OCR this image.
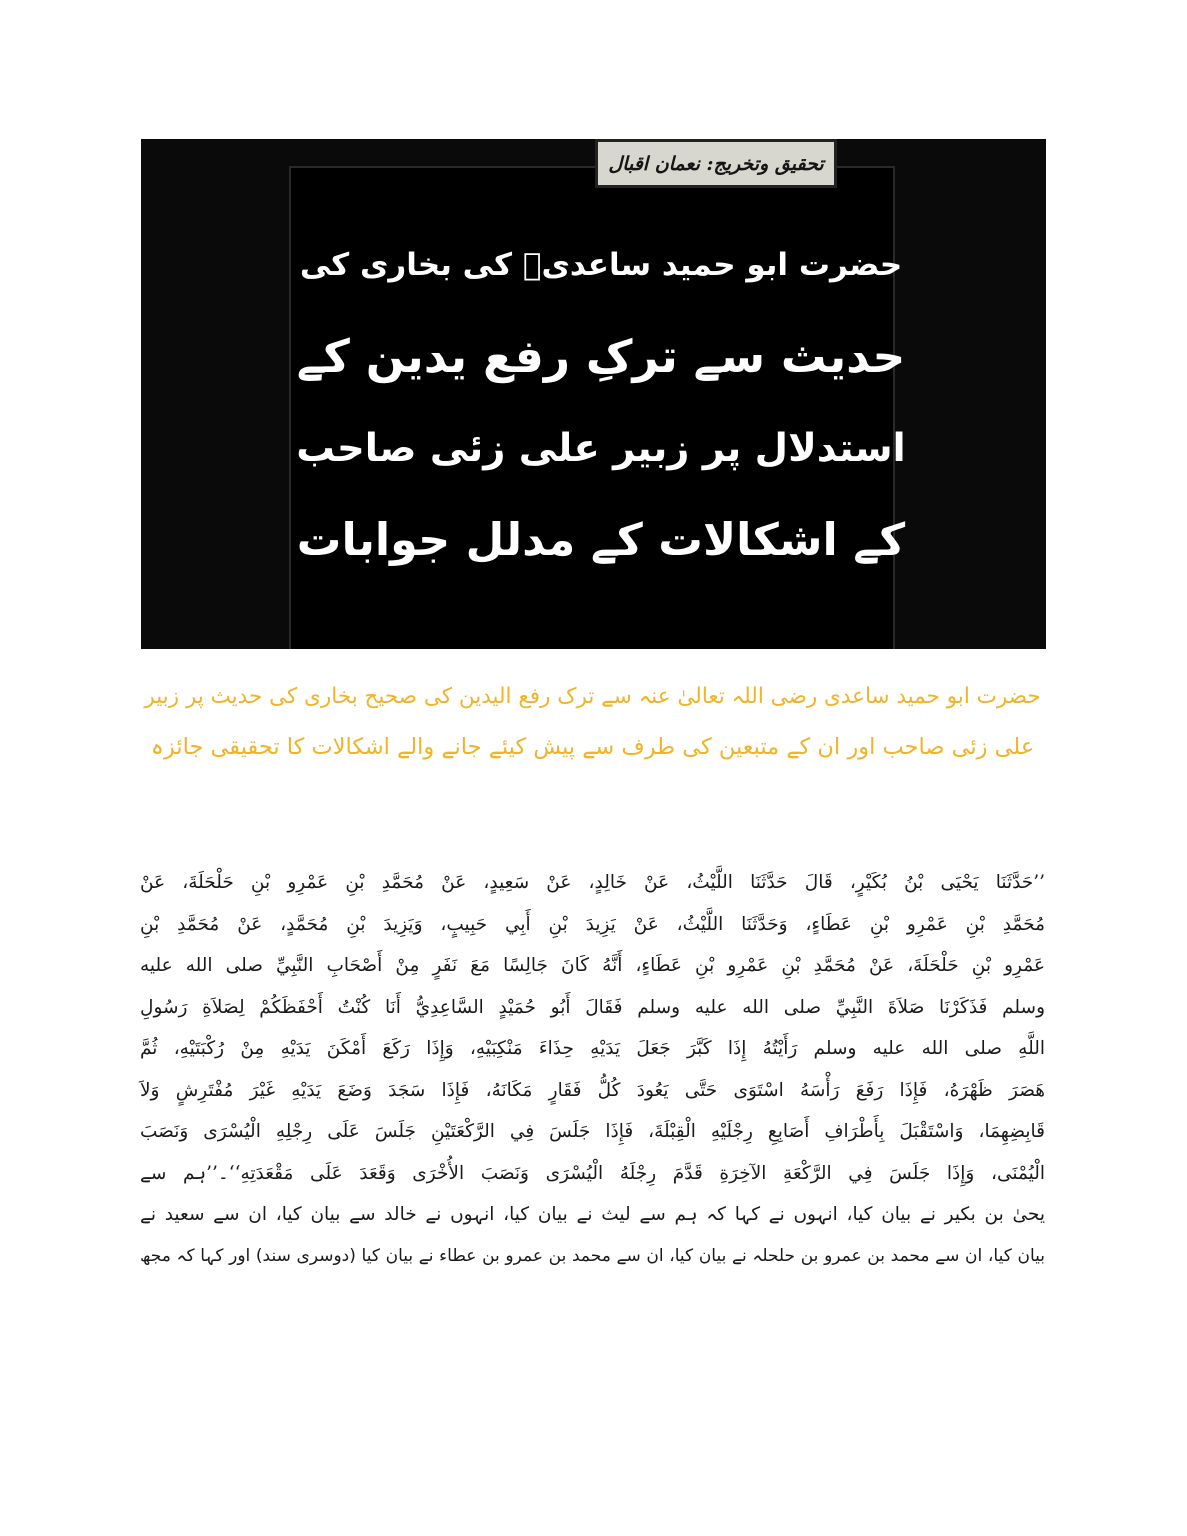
تحقیق وتخریج: نعمان اقبال
حضرت ابو حمید ساعدیؓ کی بخاری کی
حدیث سے ترکِ رفع یدین کے
استدلال پر زبیر علی زئی صاحب
کے اشکالات کے مدلل جوابات
حضرت ابو حمید ساعدی رضی اللہ تعالیٰ عنہ سے ترک رفع الیدین کی صحیح بخاری کی حدیث پر زبیر
علی زئی صاحب اور ان کے متبعین کی طرف سے پیش کیئے جانے والے اشکالات کا تحقیقی جائزہ
’’حَدَّثَنَا يَحْيَى بْنُ بُكَيْرٍ، قَالَ حَدَّثَنَا اللَّيْثُ، عَنْ خَالِدٍ، عَنْ سَعِيدٍ، عَنْ مُحَمَّدِ بْنِ عَمْرِو بْنِ حَلْحَلَةَ، عَنْ
مُحَمَّدِ بْنِ عَمْرِو بْنِ عَطَاءٍ، وَحَدَّثَنَا اللَّيْثُ، عَنْ يَزِيدَ بْنِ أَبِي حَبِيبٍ، وَيَزِيدَ بْنِ مُحَمَّدٍ، عَنْ مُحَمَّدِ بْنِ
عَمْرِو بْنِ حَلْحَلَةَ، عَنْ مُحَمَّدِ بْنِ عَمْرِو بْنِ عَطَاءٍ، أَنَّهُ كَانَ جَالِسًا مَعَ نَفَرٍ مِنْ أَصْحَابِ النَّبِيِّ صلى الله عليه
وسلم فَذَكَرْنَا صَلاَةَ النَّبِيِّ صلى الله عليه وسلم فَقَالَ أَبُو حُمَيْدٍ السَّاعِدِيُّ أَنَا كُنْتُ أَحْفَظَكُمْ لِصَلاَةِ رَسُولِ
اللَّهِ صلى الله عليه وسلم رَأَيْتُهُ إِذَا كَبَّرَ جَعَلَ يَدَيْهِ حِذَاءَ مَنْكِبَيْهِ، وَإِذَا رَكَعَ أَمْكَنَ يَدَيْهِ مِنْ رُكْبَتَيْهِ، ثُمَّ
هَصَرَ ظَهْرَهُ، فَإِذَا رَفَعَ رَأْسَهُ اسْتَوَى حَتَّى يَعُودَ كُلُّ فَقَارٍ مَكَانَهُ، فَإِذَا سَجَدَ وَضَعَ يَدَيْهِ غَيْرَ مُفْتَرِشٍ وَلاَ
قَابِضِهِمَا، وَاسْتَقْبَلَ بِأَطْرَافِ أَصَابِعِ رِجْلَيْهِ الْقِبْلَةَ، فَإِذَا جَلَسَ فِي الرَّكْعَتَيْنِ جَلَسَ عَلَى رِجْلِهِ الْيُسْرَى وَنَصَبَ
الْيُمْنَى، وَإِذَا جَلَسَ فِي الرَّكْعَةِ الآخِرَةِ قَدَّمَ رِجْلَهُ الْيُسْرَى وَنَصَبَ الأُخْرَى وَقَعَدَ عَلَى مَقْعَدَتِهِ‘‘۔’’ہم سے
یحیٰ بن بکیر نے بیان کیا، انہوں نے کہا کہ ہم سے لیث نے بیان کیا، انہوں نے خالد سے بیان کیا، ان سے سعید نے
بیان کیا، ان سے محمد بن عمرو بن حلحلہ نے بیان کیا، ان سے محمد بن عمرو بن عطاء نے بیان کیا (دوسری سند) اور کہا کہ مجھ
